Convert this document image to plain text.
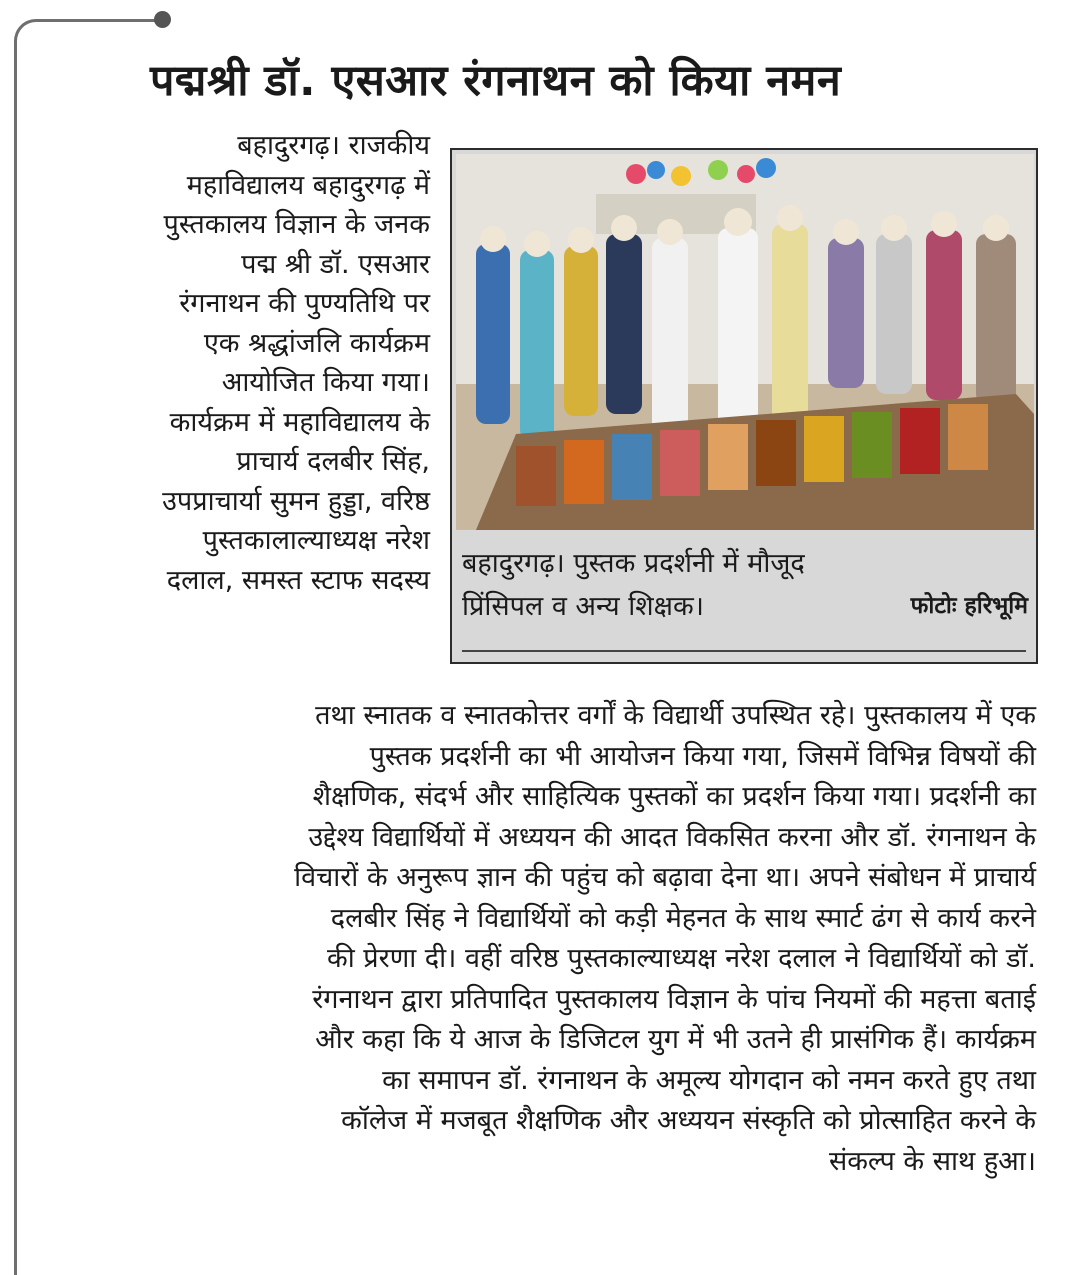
पद्मश्री डॉ. एसआर रंगनाथन को किया नमन
बहादुरगढ़। राजकीय
महाविद्यालय बहादुरगढ़ में
पुस्तकालय विज्ञान के जनक
पद्म श्री डॉ. एसआर
रंगनाथन की पुण्यतिथि पर
एक श्रद्धांजलि कार्यक्रम
आयोजित किया गया।
कार्यक्रम में महाविद्यालय के
प्राचार्य दलबीर सिंह,
उपप्राचार्या सुमन हुड्डा, वरिष्ठ
पुस्तकालाल्याध्यक्ष नरेश
दलाल, समस्त स्टाफ सदस्य
बहादुरगढ़। पुस्तक प्रदर्शनी में मौजूद
प्रिंसिपल व अन्य शिक्षक।	फोटोः हरिभूमि
तथा स्नातक व स्नातकोत्तर वर्गों के विद्यार्थी उपस्थित रहे। पुस्तकालय में एक
पुस्तक प्रदर्शनी का भी आयोजन किया गया, जिसमें विभिन्न विषयों की
शैक्षणिक, संदर्भ और साहित्यिक पुस्तकों का प्रदर्शन किया गया। प्रदर्शनी का
उद्देश्य विद्यार्थियों में अध्ययन की आदत विकसित करना और डॉ. रंगनाथन के
विचारों के अनुरूप ज्ञान की पहुंच को बढ़ावा देना था। अपने संबोधन में प्राचार्य
दलबीर सिंह ने विद्यार्थियों को कड़ी मेहनत के साथ स्मार्ट ढंग से कार्य करने
की प्रेरणा दी। वहीं वरिष्ठ पुस्तकाल्याध्यक्ष नरेश दलाल ने विद्यार्थियों को डॉ.
रंगनाथन द्वारा प्रतिपादित पुस्तकालय विज्ञान के पांच नियमों की महत्ता बताई
और कहा कि ये आज के डिजिटल युग में भी उतने ही प्रासंगिक हैं। कार्यक्रम
का समापन डॉ. रंगनाथन के अमूल्य योगदान को नमन करते हुए तथा
कॉलेज में मजबूत शैक्षणिक और अध्ययन संस्कृति को प्रोत्साहित करने के
संकल्प के साथ हुआ।
